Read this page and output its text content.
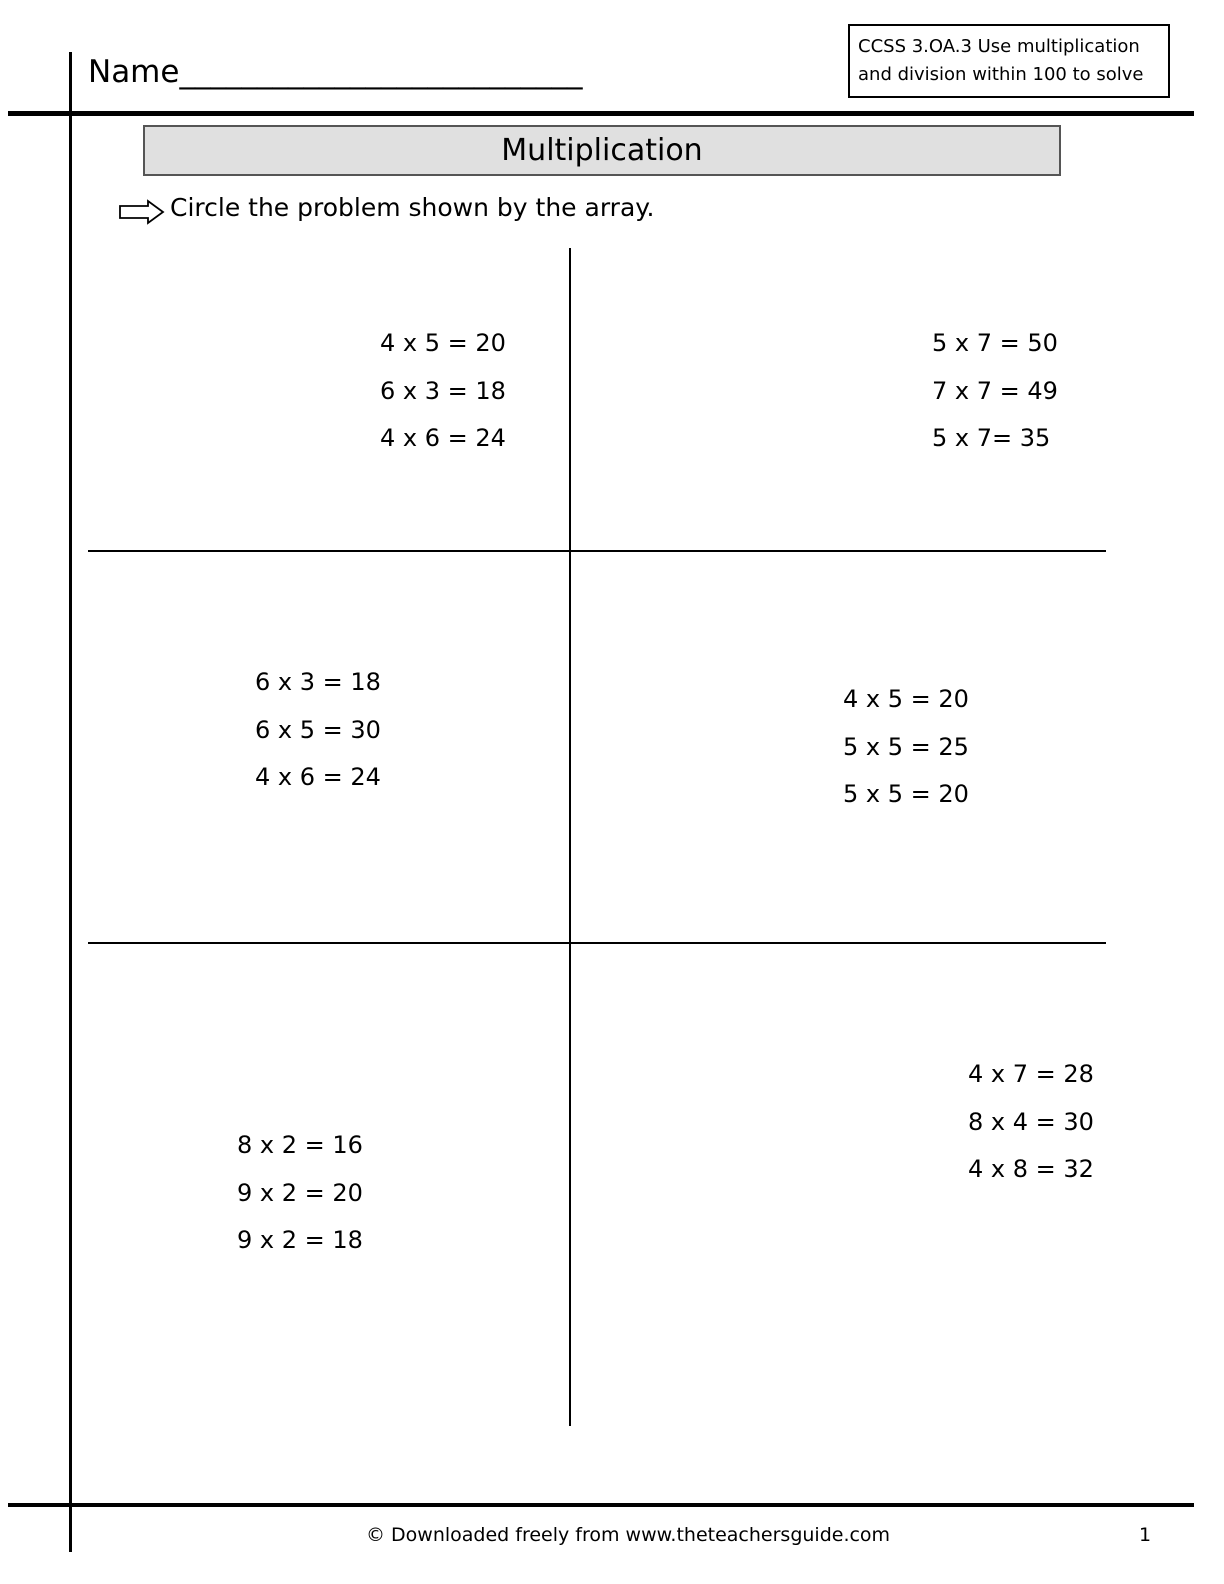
Name__________________________
CCSS 3.OA.3 Use multiplication
and division within 100 to solve
Multiplication
Circle the problem shown by the array.
4 x 5 = 20
6 x 3 = 18
4 x 6 = 24
5 x 7 = 50
7 x 7 = 49
5 x 7= 35
6 x 3 = 18
6 x 5 = 30
4 x 6 = 24
4 x 5 = 20
5 x 5 = 25
5 x 5 = 20
8 x 2 = 16
9 x 2 = 20
9 x 2 = 18
4 x 7 = 28
8 x 4 = 30
4 x 8 = 32
© Downloaded freely from www.theteachersguide.com	1
